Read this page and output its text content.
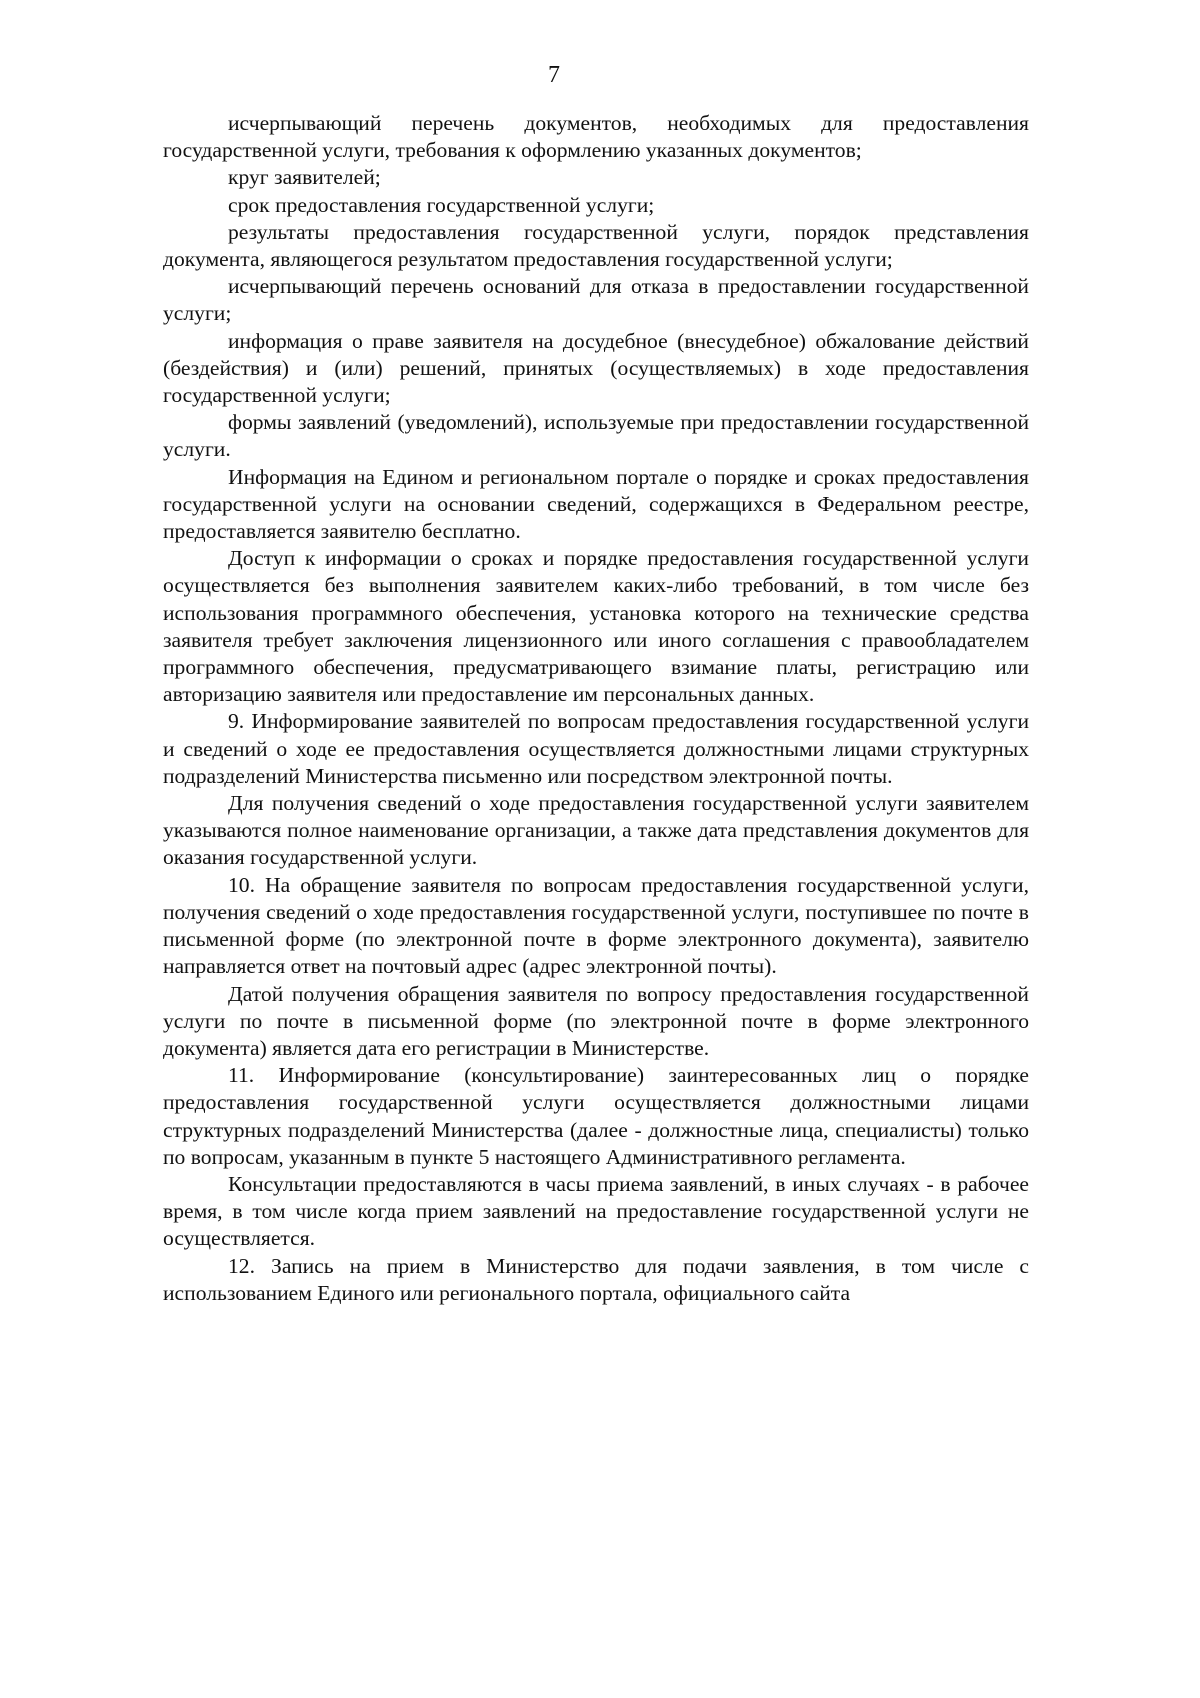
7

исчерпывающий перечень документов, необходимых для предоставления государственной услуги, требования к оформлению указанных документов;

круг заявителей;

срок предоставления государственной услуги;

результаты предоставления государственной услуги, порядок представления документа, являющегося результатом предоставления государственной услуги;

исчерпывающий перечень оснований для отказа в предоставлении государственной услуги;

информация о праве заявителя на досудебное (внесудебное) обжалование действий (бездействия) и (или) решений, принятых (осуществляемых) в ходе предоставления государственной услуги;

формы заявлений (уведомлений), используемые при предоставлении государственной услуги.

Информация на Едином и региональном портале о порядке и сроках предоставления государственной услуги на основании сведений, содержащихся в Федеральном реестре, предоставляется заявителю бесплатно.

Доступ к информации о сроках и порядке предоставления государственной услуги осуществляется без выполнения заявителем каких-либо требований, в том числе без использования программного обеспечения, установка которого на технические средства заявителя требует заключения лицензионного или иного соглашения с правообладателем программного обеспечения, предусматривающего взимание платы, регистрацию или авторизацию заявителя или предоставление им персональных данных.

9. Информирование заявителей по вопросам предоставления государственной услуги и сведений о ходе ее предоставления осуществляется должностными лицами структурных подразделений Министерства письменно или посредством электронной почты.

Для получения сведений о ходе предоставления государственной услуги заявителем указываются полное наименование организации, а также дата представления документов для оказания государственной услуги.

10. На обращение заявителя по вопросам предоставления государственной услуги, получения сведений о ходе предоставления государственной услуги, поступившее по почте в письменной форме (по электронной почте в форме электронного документа), заявителю направляется ответ на почтовый адрес (адрес электронной почты).

Датой получения обращения заявителя по вопросу предоставления государственной услуги по почте в письменной форме (по электронной почте в форме электронного документа) является дата его регистрации в Министерстве.

11. Информирование (консультирование) заинтересованных лиц о порядке предоставления государственной услуги осуществляется должностными лицами структурных подразделений Министерства (далее - должностные лица, специалисты) только по вопросам, указанным в пункте 5 настоящего Административного регламента.

Консультации предоставляются в часы приема заявлений, в иных случаях - в рабочее время, в том числе когда прием заявлений на предоставление государственной услуги не осуществляется.

12. Запись на прием в Министерство для подачи заявления, в том числе с использованием Единого или регионального портала, официального сайта
